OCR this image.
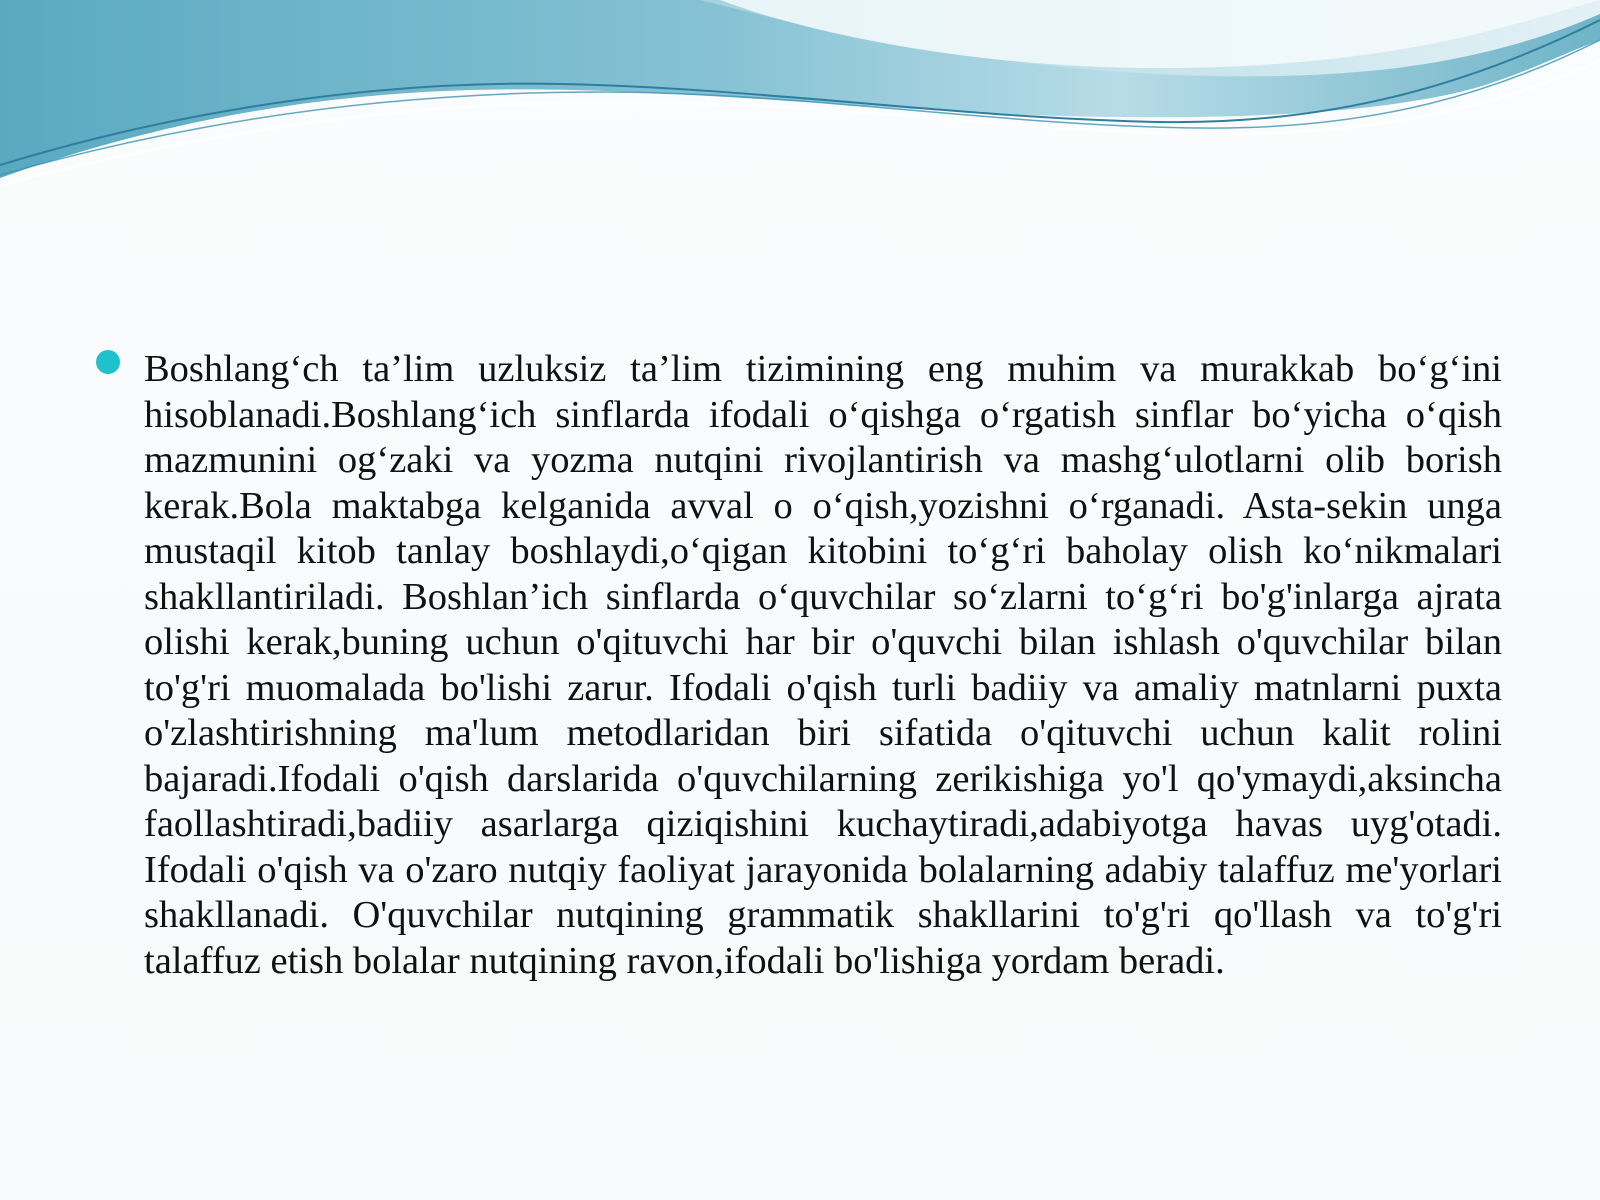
Boshlang‘ch ta’lim uzluksiz ta’lim tizimining eng muhim va murakkab bo‘g‘ini hisoblanadi.Boshlang‘ich sinflarda ifodali o‘qishga o‘rgatish sinflar bo‘yicha o‘qish mazmunini og‘zaki va yozma nutqini rivojlantirish va mashg‘ulotlarni olib borish kerak.Bola maktabga kelganida avval o o‘qish,yozishni o‘rganadi. Asta-sekin unga mustaqil kitob tanlay boshlaydi,o‘qigan kitobini to‘g‘ri baholay olish ko‘nikmalari shakllantiriladi. Boshlan’ich sinflarda o‘quvchilar so‘zlarni to‘g‘ri bo'g'inlarga ajrata olishi kerak,buning uchun o'qituvchi har bir o'quvchi bilan ishlash o'quvchilar bilan to'g'ri muomalada bo'lishi zarur. Ifodali o'qish turli badiiy va amaliy matnlarni puxta o'zlashtirishning ma'lum metodlaridan biri sifatida o'qituvchi uchun kalit rolini bajaradi.Ifodali o'qish darslarida o'quvchilarning zerikishiga yo'l qo'ymaydi,aksincha faollashtiradi,badiiy asarlarga qiziqishini kuchaytiradi,adabiyotga havas uyg'otadi. Ifodali o'qish va o'zaro nutqiy faoliyat jarayonida bolalarning adabiy talaffuz me'yorlari shakllanadi. O'quvchilar nutqining grammatik shakllarini to'g'ri qo'llash va to'g'ri talaffuz etish bolalar nutqining ravon,ifodali bo'lishiga yordam beradi.
